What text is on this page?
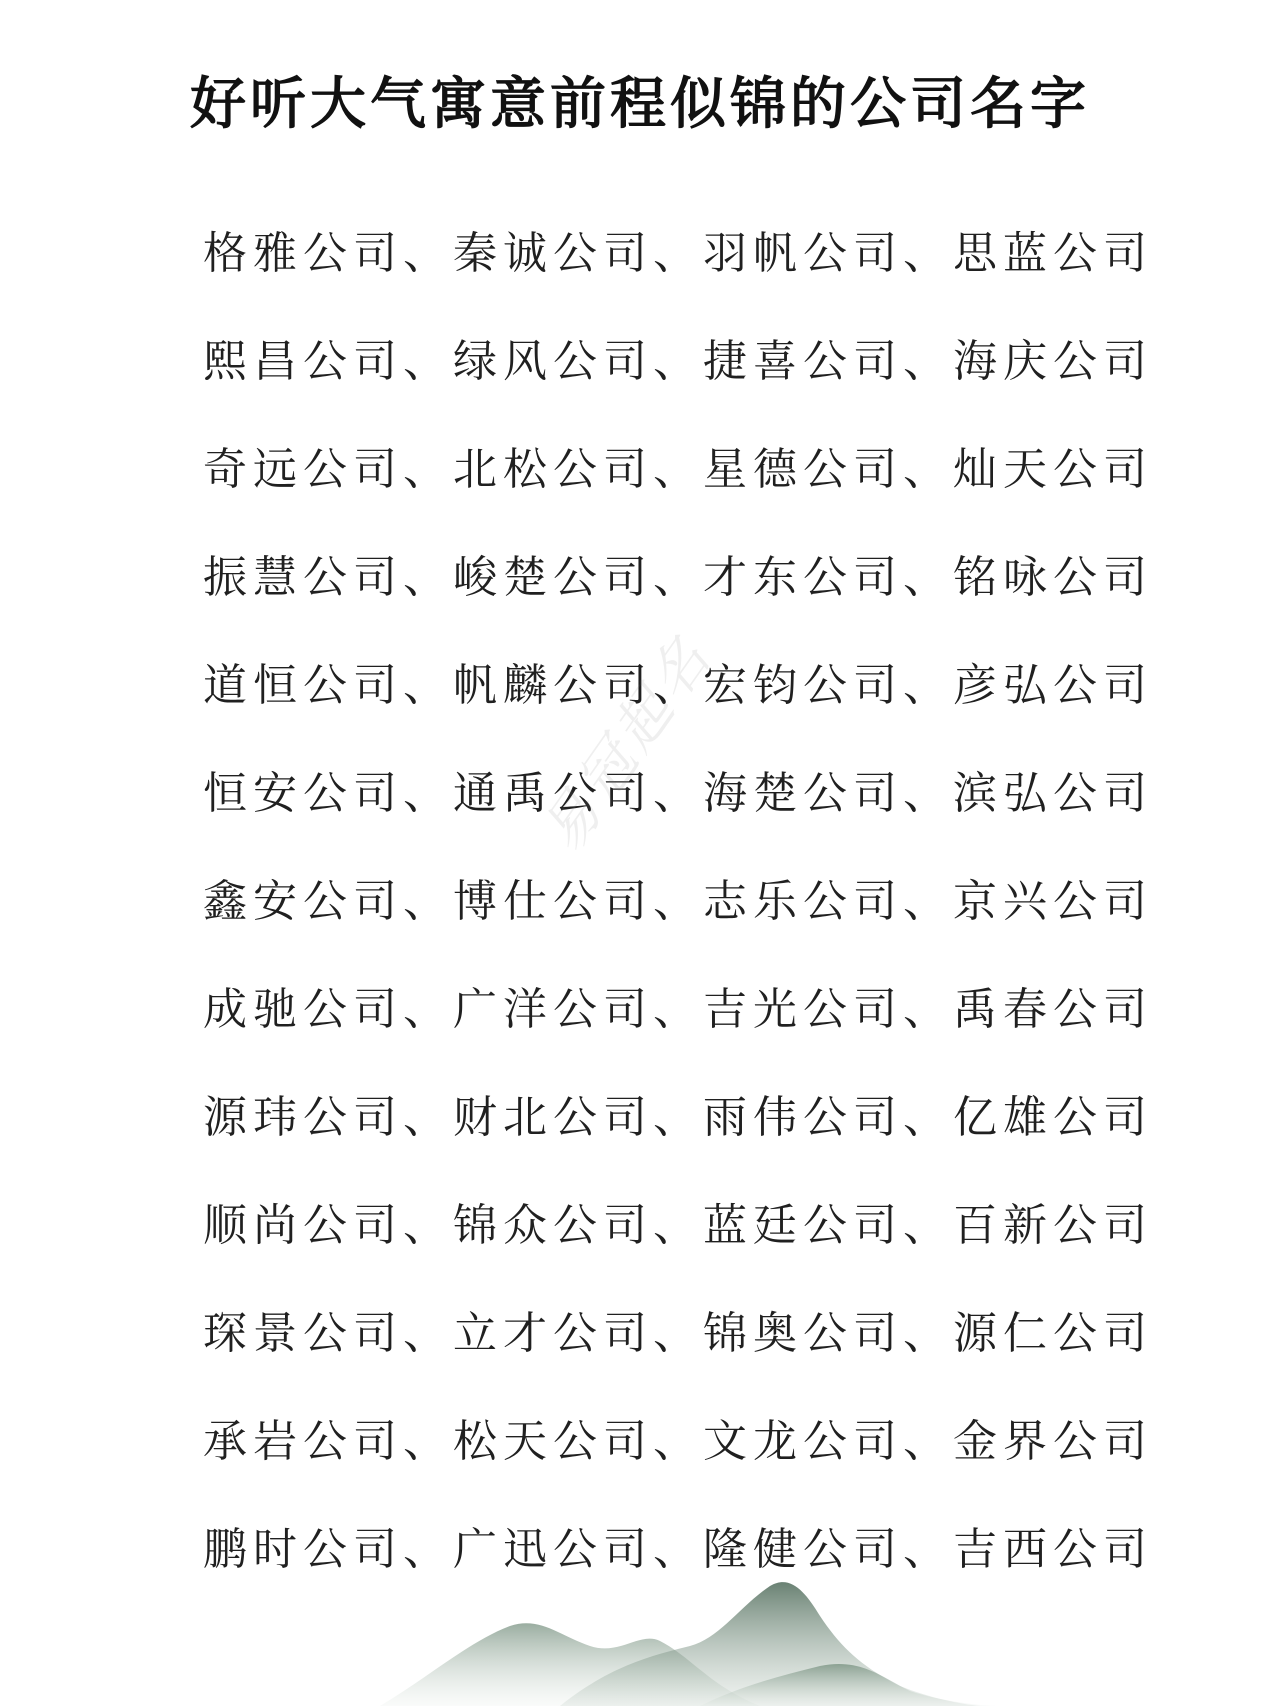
好听大气寓意前程似锦的公司名字
格雅公司、秦诚公司、羽帆公司、思蓝公司
熙昌公司、绿风公司、捷喜公司、海庆公司
奇远公司、北松公司、星德公司、灿天公司
振慧公司、峻楚公司、才东公司、铭咏公司
道恒公司、帆麟公司、宏钧公司、彦弘公司
恒安公司、通禹公司、海楚公司、滨弘公司
鑫安公司、博仕公司、志乐公司、京兴公司
成驰公司、广洋公司、吉光公司、禹春公司
源玮公司、财北公司、雨伟公司、亿雄公司
顺尚公司、锦众公司、蓝廷公司、百新公司
琛景公司、立才公司、锦奥公司、源仁公司
承岩公司、松天公司、文龙公司、金界公司
鹏时公司、广迅公司、隆健公司、吉西公司
易冠起名
